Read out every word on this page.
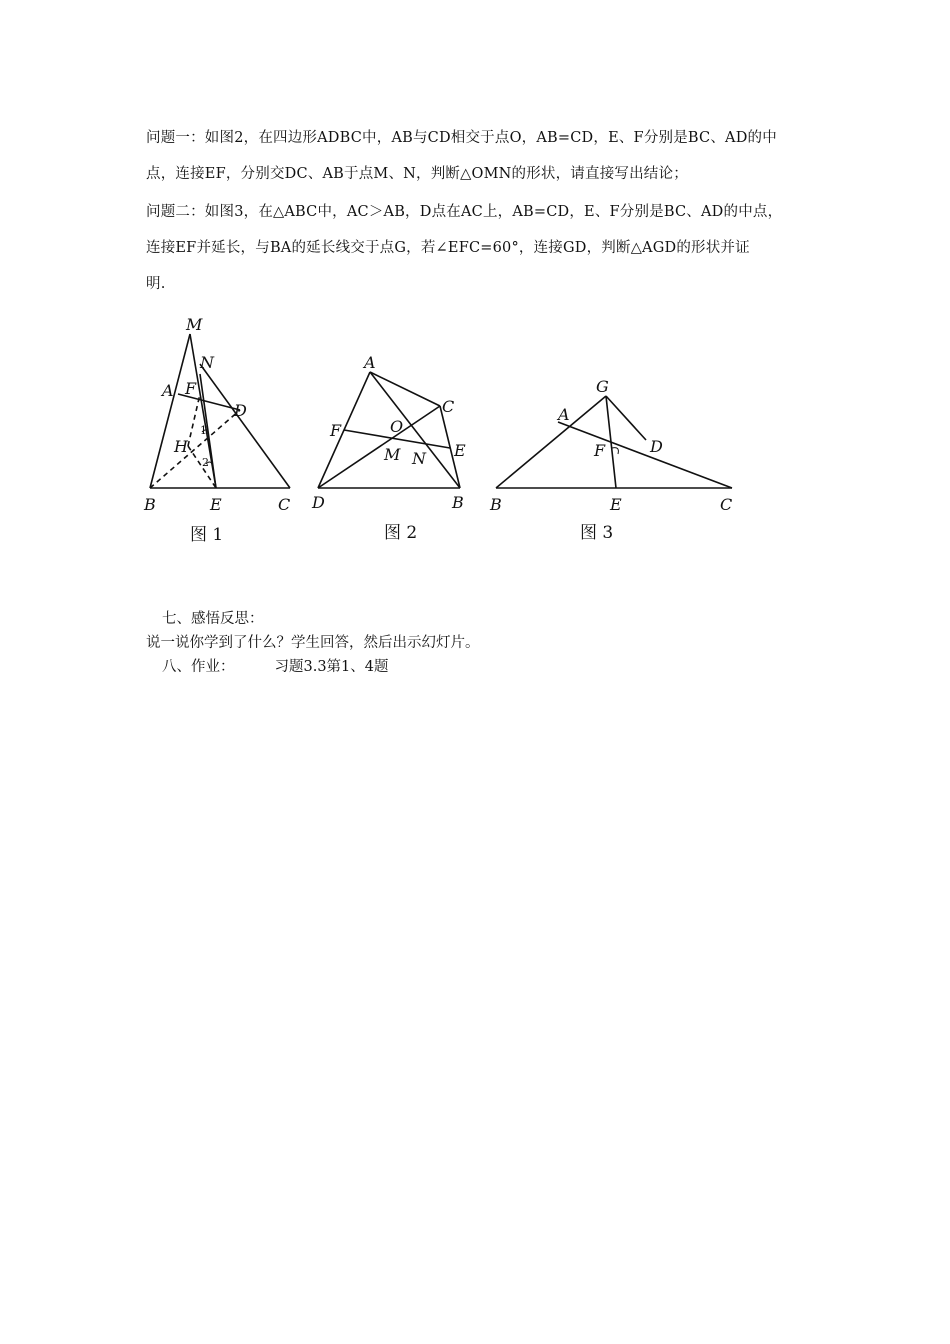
问题一：如图2，在四边形ADBC中，AB与CD相交于点O，AB=CD，E、F分别是BC、AD的中
点，连接EF，分别交DC、AB于点M、N，判断△OMN的形状，请直接写出结论；
问题二：如图3，在△ABC中，AC＞AB，D点在AC上，AB=CD，E、F分别是BC、AD的中点，
连接EF并延长，与BA的延长线交于点G，若∠EFC=60°，连接GD，判断△AGD的形状并证
明.
M
N
A F
D
H
1
2
B	E	C
A
C
F	O
E
M N
D	B
G
A
F	D
B	E	C
图 1	图 2	图 3
七、感悟反思：
说一说你学到了什么？学生回答，然后出示幻灯片。
八、作业：	习题3.3第1、4题
